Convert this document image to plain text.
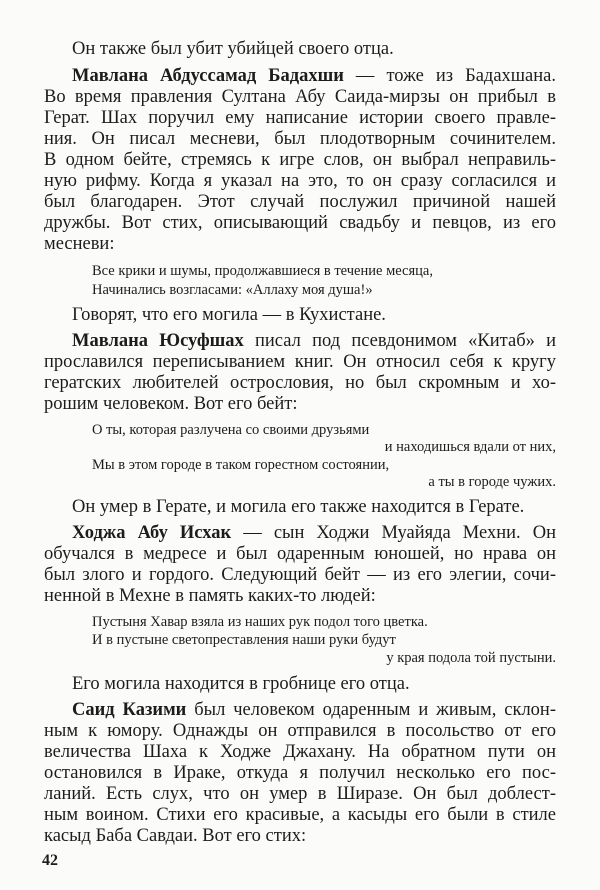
Он также был убит убийцей своего отца.
Мавлана Абдуссамад Бадахши — тоже из Бадахшана.
Во время правления Султана Абу Саида-мирзы он прибыл в
Герат. Шах поручил ему написание истории своего правле-
ния. Он писал месневи, был плодотворным сочинителем.
В одном бейте, стремясь к игре слов, он выбрал неправиль-
ную рифму. Когда я указал на это, то он сразу согласился и
был благодарен. Этот случай послужил причиной нашей
дружбы. Вот стих, описывающий свадьбу и певцов, из его
месневи:
Все крики и шумы, продолжавшиеся в течение месяца,
Начинались возгласами: «Аллаху моя душа!»
Говорят, что его могила — в Кухистане.
Мавлана Юсуфшах писал под псевдонимом «Китаб» и
прославился переписыванием книг. Он относил себя к кругу
гератских любителей острословия, но был скромным и хо-
рошим человеком. Вот его бейт:
О ты, которая разлучена со своими друзьями
и находишься вдали от них,
Мы в этом городе в таком горестном состоянии,
а ты в городе чужих.
Он умер в Герате, и могила его также находится в Герате.
Ходжа Абу Исхак — сын Ходжи Муайяда Мехни. Он
обучался в медресе и был одаренным юношей, но нрава он
был злого и гордого. Следующий бейт — из его элегии, сочи-
ненной в Мехне в память каких-то людей:
Пустыня Хавар взяла из наших рук подол того цветка.
И в пустыне светопреставления наши руки будут
у края подола той пустыни.
Его могила находится в гробнице его отца.
Саид Казими был человеком одаренным и живым, склон-
ным к юмору. Однажды он отправился в посольство от его
величества Шаха к Ходже Джахану. На обратном пути он
остановился в Ираке, откуда я получил несколько его пос-
ланий. Есть слух, что он умер в Ширазе. Он был доблест-
ным воином. Стихи его красивые, а касыды его были в стиле
касыд Баба Савдаи. Вот его стих:
42
